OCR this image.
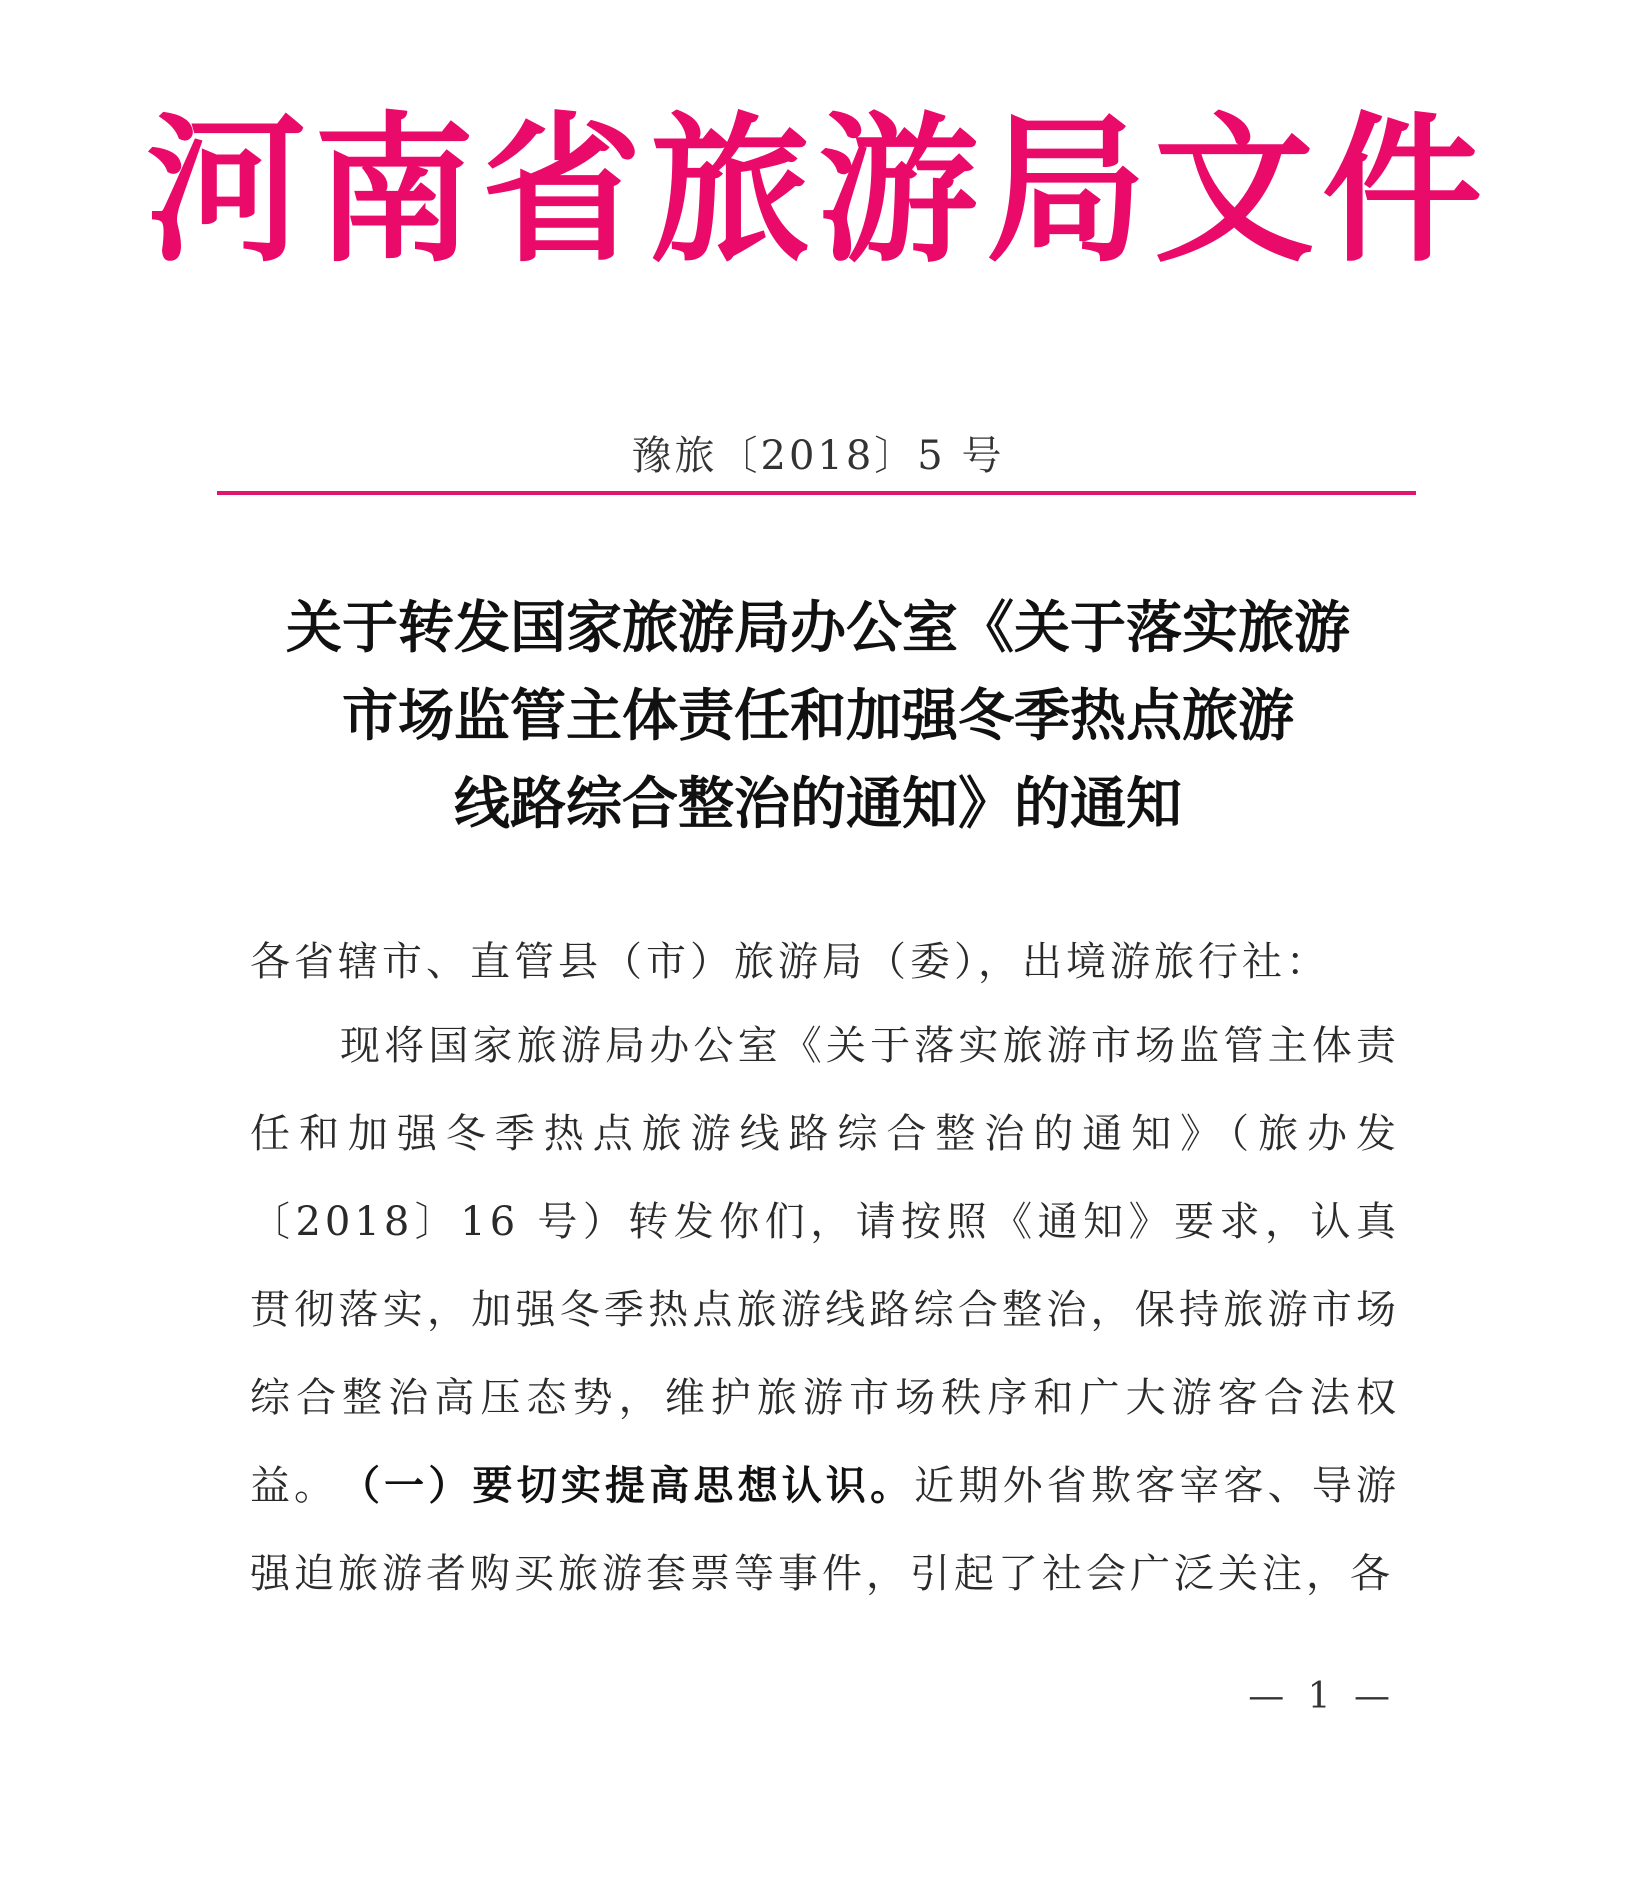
河南省旅游局文件

豫旅〔2018〕5 号

关于转发国家旅游局办公室《关于落实旅游
市场监管主体责任和加强冬季热点旅游
线路综合整治的通知》的通知

各省辖市、直管县（市）旅游局（委），出境游旅行社：

现将国家旅游局办公室《关于落实旅游市场监管主体责任和加强冬季热点旅游线路综合整治的通知》（旅办发〔2018〕16 号）转发你们，请按照《通知》要求，认真贯彻落实，加强冬季热点旅游线路综合整治，保持旅游市场综合整治高压态势，维护旅游市场秩序和广大游客合法权益。 （一）要切实提高思想认识。近期外省欺客宰客、导游强迫旅游者购买旅游套票等事件，引起了社会广泛关注，各

— 1 —
